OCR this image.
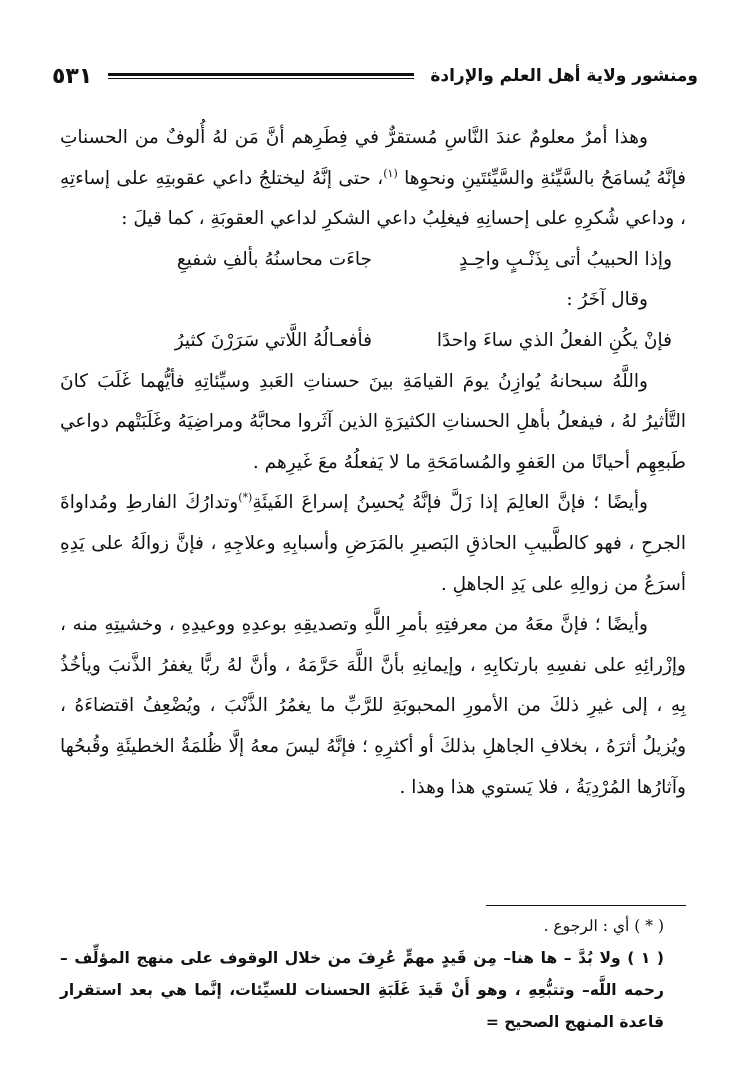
ومنشور ولاية أهل العلم والإرادة
٥٣١

وهذا أمرٌ معلومٌ عندَ النَّاسِ مُستقرٌّ في فِطَرِهم أنَّ مَن لهُ أُلوفٌ من الحسناتِ فإنَّهُ يُسامَحُ بالسَّيِّئةِ والسَّيِّئتَينِ ونحوِها $^{(١)}$، حتى إنَّهُ ليختلجُ داعي عقوبتِهِ على إساءتِهِ ، وداعي شُكرِهِ على إحسانِهِ فيغلِبُ داعي الشكرِ لداعي العقوبَةِ ، كما قيلَ :

وإذا الحبيبُ أتى بِذَنْـبٍ واحِـدٍ
جاءَت محاسنُهُ بألفِ شفيعِ

وقال آخَرُ :

فإنْ يكُنِ الفعلُ الذي ساءَ واحدًا
فأفعـالُهُ اللَّاتي سَرَرْنَ كثيرُ

واللَّهُ سبحانهُ يُوازِنُ يومَ القيامَةِ بينَ حسناتِ العَبدِ وسيِّئاتِهِ فأيُّهما غَلَبَ كانَ التَّأثيرُ لهُ ، فيفعلُ بأهلِ الحسناتِ الكثيرَةِ الذين آثَروا محابَّهُ ومراضِيَهُ وغَلَبَتْهم دواعي طَبعِهِم أحيانًا من العَفوِ والمُسامَحَةِ ما لا يَفعلُهُ معَ غَيرِهم .

وأيضًا ؛ فإنَّ العالِمَ إذا زَلَّ فإنَّهُ يُحسِنُ إسراعَ الفَيئَةِ(*)وتدارُكَ الفارطِ ومُداواةَ الجرحِ ، فهو كالطَّبيبِ الحاذقِ البَصيرِ بالمَرَضِ وأسبابِهِ وعلاجِهِ ، فإنَّ زوالَهُ على يَدِهِ أسرَعُ من زوالِهِ على يَدِ الجاهلِ .

وأيضًا ؛ فإنَّ معَهُ من معرفتِهِ بأمرِ اللَّهِ وتصديقِهِ بوعدِهِ ووعيدِهِ ، وخشيتِهِ منه ، وإزْرائِهِ على نفسِهِ بارتكابِهِ ، وإيمانِهِ بأنَّ اللَّهَ حَرَّمَهُ ، وأنَّ لهُ ربًّا يغفرُ الذَّنبَ ويأخُذُ بِهِ ، إلى غيرِ ذلكَ من الأمورِ المحبوبَةِ للرَّبِّ ما يغمُرُ الذَّنْبَ ، ويُضْعِفُ اقتضاءَهُ ، ويُزيلُ أثرَهُ ، بخلافِ الجاهلِ بذلكَ أو أكثرِهِ ؛ فإنَّهُ ليسَ معهُ إلَّا ظُلمَةُ الخطيئَةِ وقُبحُها وآثارُها المُرْدِيَةُ ، فلا يَستوي هذا وهذا .

( * ) أي : الرجوع .

( ١ ) ولا بُدَّ – ها هنا– مِن قَيدٍ مهمٍّ عُرِفَ من خلال الوقوف على منهج المؤلِّف – رحمه اللَّه– وتتبُّعِهِ ، وهو أَنْ قَيدَ غَلَبَةِ الحسنات للسيِّئات، إنَّما هي بعد استقرار قاعدة المنهج الصحيح =
